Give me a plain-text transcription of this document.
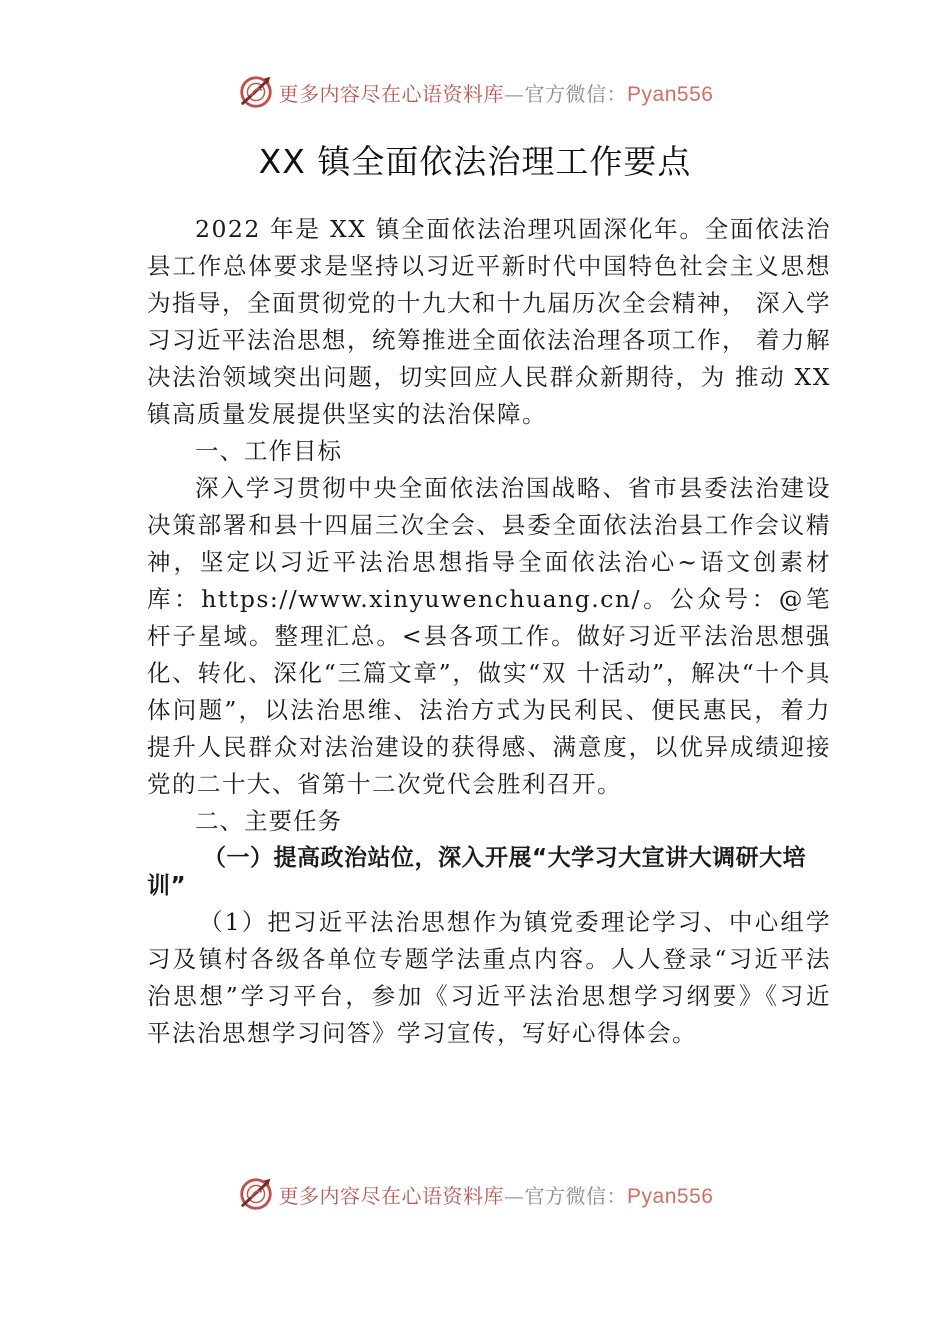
更多内容尽在心语资料库—官方微信：Pyan556
XX 镇全面依法治理工作要点

2022 年是 XX 镇全面依法治理巩固深化年。全面依法治县工作总体要求是坚持以习近平新时代中国特色社会主义思想为指导，全面贯彻党的十九大和十九届历次全会精神， 深入学习习近平法治思想，统筹推进全面依法治理各项工作， 着力解决法治领域突出问题，切实回应人民群众新期待，为 推动 XX 镇高质量发展提供坚实的法治保障。

一、工作目标

深入学习贯彻中央全面依法治国战略、省市县委法治建设决策部署和县十四届三次全会、县委全面依法治县工作会议精神，坚定以习近平法治思想指导全面依法治心~语文创素材库：https://www.xinyuwenchuang.cn/。公众号：@笔杆子星域。整理汇总。<县各项工作。做好习近平法治思想强化、转化、深化“三篇文章”，做实“双 十活动”，解决“十个具体问题”，以法治思维、法治方式为民利民、便民惠民，着力提升人民群众对法治建设的获得感、满意度，以优异成绩迎接党的二十大、省第十二次党代会胜利召开。

二、主要任务
（一）提高政治站位，深入开展“大学习大宣讲大调研大培训”

（1）把习近平法治思想作为镇党委理论学习、中心组学习及镇村各级各单位专题学法重点内容。人人登录“习近平法 治思想”学习平台，参加《习近平法治思想学习纲要》《习近 平法治思想学习问答》学习宣传，写好心得体会。

更多内容尽在心语资料库—官方微信：Pyan556
